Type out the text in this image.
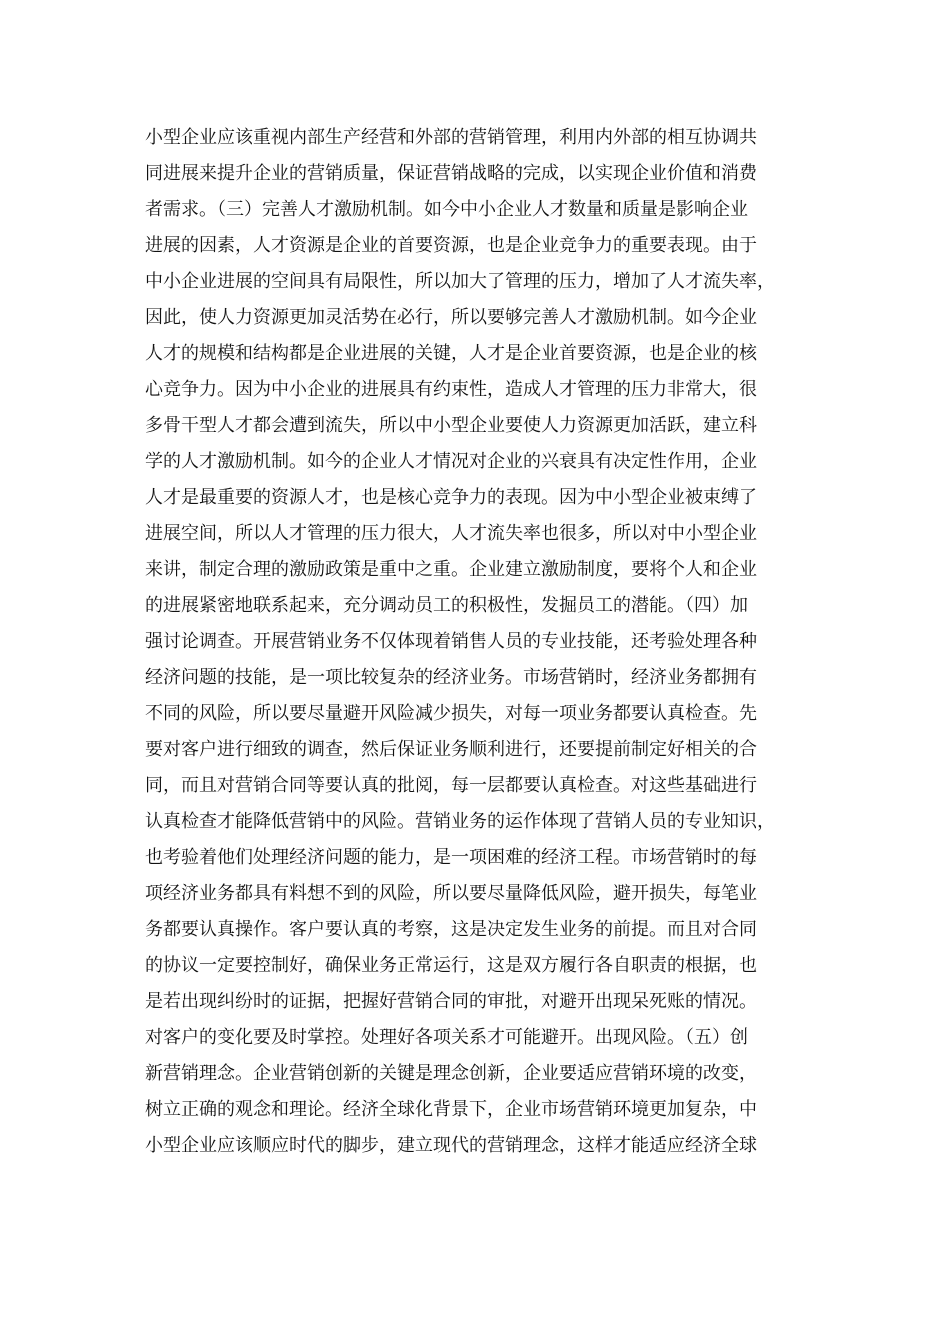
小型企业应该重视内部生产经营和外部的营销管理，利用内外部的相互协调共
同进展来提升企业的营销质量，保证营销战略的完成，以实现企业价值和消费
者需求。（三）完善人才激励机制。如今中小企业人才数量和质量是影响企业
进展的因素，人才资源是企业的首要资源，也是企业竞争力的重要表现。由于
中小企业进展的空间具有局限性，所以加大了管理的压力，增加了人才流失率，
因此，使人力资源更加灵活势在必行，所以要够完善人才激励机制。如今企业
人才的规模和结构都是企业进展的关键，人才是企业首要资源，也是企业的核
心竞争力。因为中小企业的进展具有约束性，造成人才管理的压力非常大，很
多骨干型人才都会遭到流失，所以中小型企业要使人力资源更加活跃，建立科
学的人才激励机制。如今的企业人才情况对企业的兴衰具有决定性作用，企业
人才是最重要的资源人才，也是核心竞争力的表现。因为中小型企业被束缚了
进展空间，所以人才管理的压力很大，人才流失率也很多，所以对中小型企业
来讲，制定合理的激励政策是重中之重。企业建立激励制度，要将个人和企业
的进展紧密地联系起来，充分调动员工的积极性，发掘员工的潜能。（四）加
强讨论调查。开展营销业务不仅体现着销售人员的专业技能，还考验处理各种
经济问题的技能，是一项比较复杂的经济业务。市场营销时，经济业务都拥有
不同的风险，所以要尽量避开风险减少损失，对每一项业务都要认真检查。先
要对客户进行细致的调查，然后保证业务顺利进行，还要提前制定好相关的合
同，而且对营销合同等要认真的批阅，每一层都要认真检查。对这些基础进行
认真检查才能降低营销中的风险。营销业务的运作体现了营销人员的专业知识，
也考验着他们处理经济问题的能力，是一项困难的经济工程。市场营销时的每
项经济业务都具有料想不到的风险，所以要尽量降低风险，避开损失，每笔业
务都要认真操作。客户要认真的考察，这是决定发生业务的前提。而且对合同
的协议一定要控制好，确保业务正常运行，这是双方履行各自职责的根据，也
是若出现纠纷时的证据，把握好营销合同的审批，对避开出现呆死账的情况。
对客户的变化要及时掌控。处理好各项关系才可能避开。出现风险。（五）创
新营销理念。企业营销创新的关键是理念创新，企业要适应营销环境的改变，
树立正确的观念和理论。经济全球化背景下，企业市场营销环境更加复杂，中
小型企业应该顺应时代的脚步，建立现代的营销理念，这样才能适应经济全球
